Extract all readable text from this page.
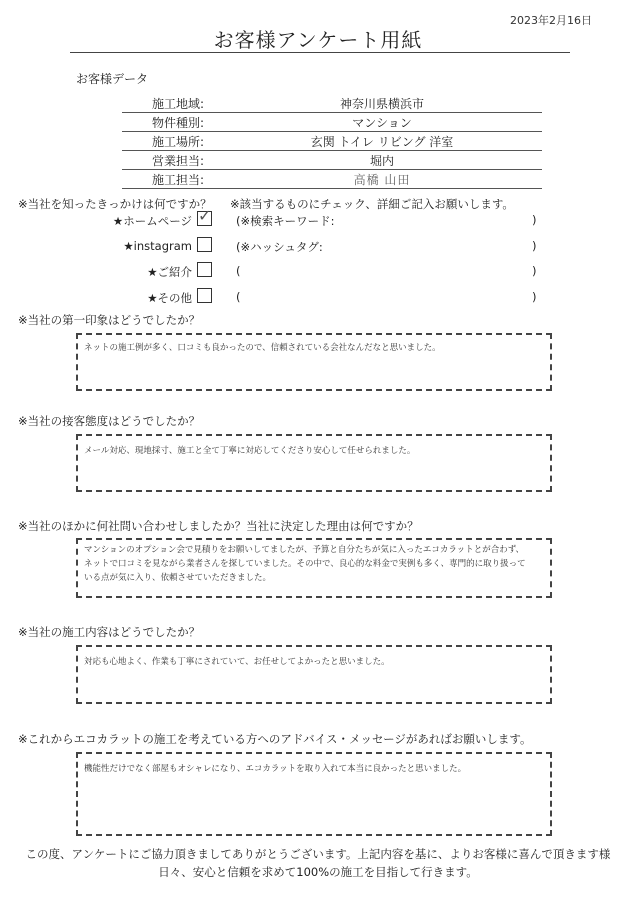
2023年2月16日
お客様アンケート用紙
お客様データ
施工地域:	神奈川県横浜市
物件種別:	マンション
施工場所:	玄関 トイレ リビング 洋室
営業担当:	堀内
施工担当:	高橋 山田
※当社を知ったきっかけは何ですか？ ※該当するものにチェック、詳細ご記入お願いします。
★ホームページ ✓ (※検索キーワード:	)
★instagram	(※ハッシュタグ:	)
★ご紹介	(	)
★その他	(	)
※当社の第一印象はどうでしたか？
ネットの施工例が多く、口コミも良かったので、信頼されている会社なんだなと思いました。
※当社の接客態度はどうでしたか？
メール対応、現地採寸、施工と全て丁寧に対応してくださり安心して任せられました。
※当社のほかに何社問い合わせしましたか？当社に決定した理由は何ですか？
マンションのオプション会で見積りをお願いしてましたが、予算と自分たちが気に入ったエコカラットとが合わず、
ネットで口コミを見ながら業者さんを探していました。その中で、良心的な料金で実例も多く、専門的に取り扱って
いる点が気に入り、依頼させていただきました。
※当社の施工内容はどうでしたか？
対応も心地よく、作業も丁寧にされていて、お任せしてよかったと思いました。
※これからエコカラットの施工を考えている方へのアドバイス・メッセージがあればお願いします。
機能性だけでなく部屋もオシャレになり、エコカラットを取り入れて本当に良かったと思いました。
この度、アンケートにご協力頂きましてありがとうございます。上記内容を基に、よりお客様に喜んで頂きます様
日々、安心と信頼を求めて100%の施工を目指して行きます。
